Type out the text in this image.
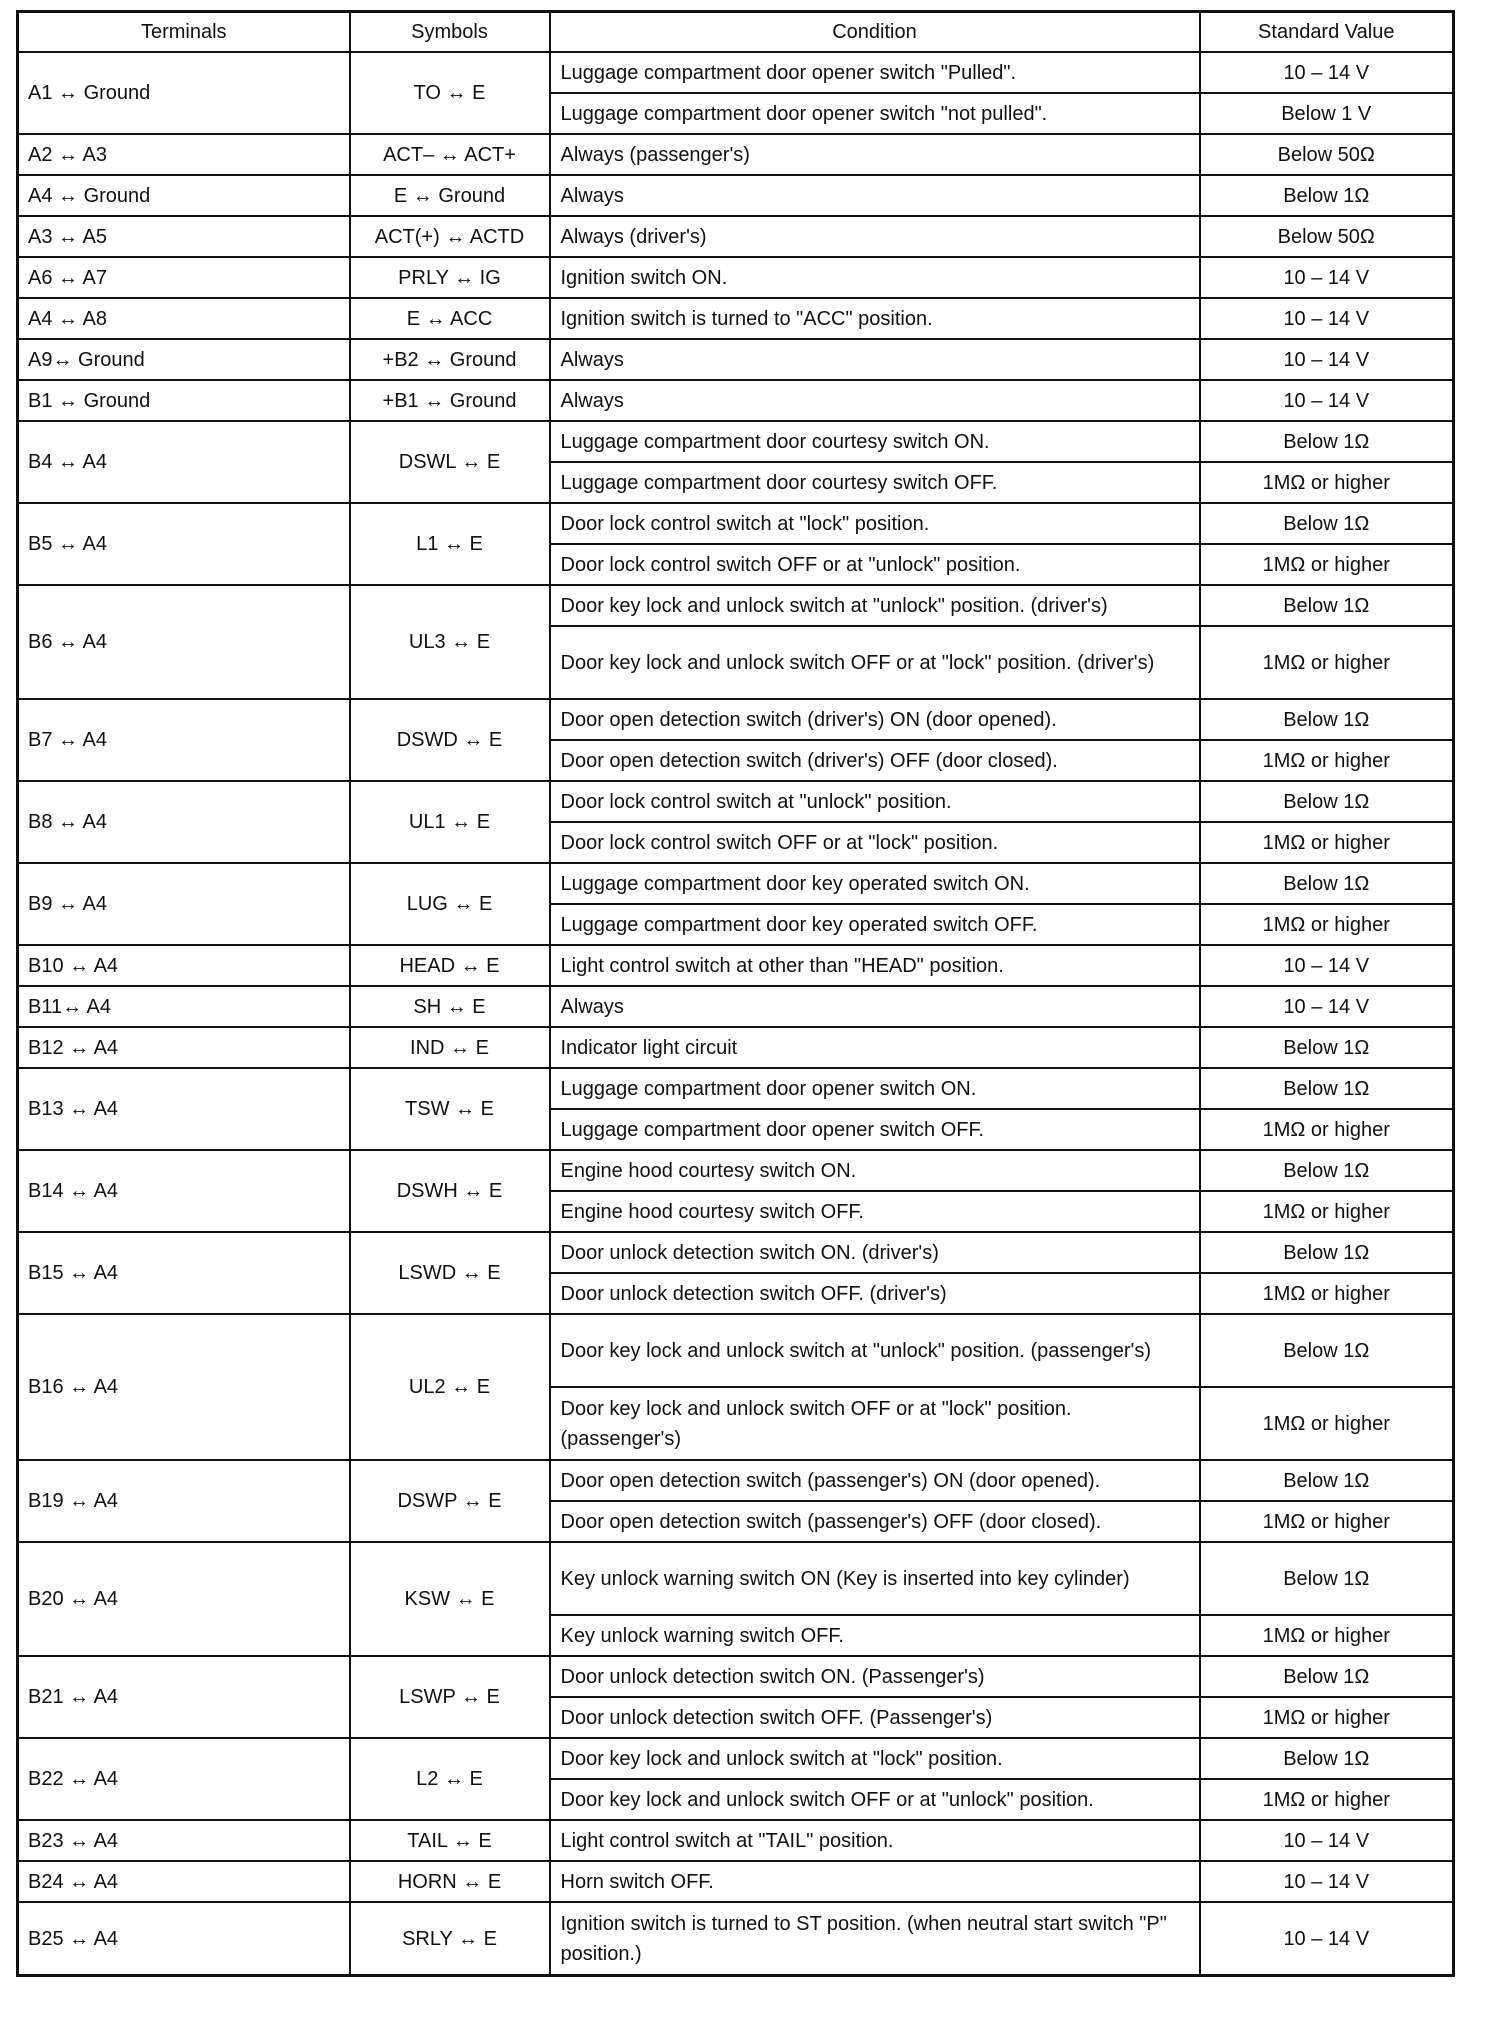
Terminals	Symbols	Condition	Standard Value
A1 ↔ Ground	TO ↔ E	Luggage compartment door opener switch "Pulled".	10 – 14 V
		Luggage compartment door opener switch "not pulled".	Below 1 V
A2 ↔ A3	ACT– ↔ ACT+	Always (passenger's)	Below 50Ω
A4 ↔ Ground	E ↔ Ground	Always	Below 1Ω
A3 ↔ A5	ACT(+) ↔ ACTD	Always (driver's)	Below 50Ω
A6 ↔ A7	PRLY ↔ IG	Ignition switch ON.	10 – 14 V
A4 ↔ A8	E ↔ ACC	Ignition switch is turned to "ACC" position.	10 – 14 V
A9↔ Ground	+B2 ↔ Ground	Always	10 – 14 V
B1 ↔ Ground	+B1 ↔ Ground	Always	10 – 14 V
B4 ↔ A4	DSWL ↔ E	Luggage compartment door courtesy switch ON.	Below 1Ω
		Luggage compartment door courtesy switch OFF.	1MΩ or higher
B5 ↔ A4	L1 ↔ E	Door lock control switch at "lock" position.	Below 1Ω
		Door lock control switch OFF or at "unlock" position.	1MΩ or higher
B6 ↔ A4	UL3 ↔ E	Door key lock and unlock switch at "unlock" position. (driver's)	Below 1Ω
		Door key lock and unlock switch OFF or at "lock" position. (driver's)	1MΩ or higher
B7 ↔ A4	DSWD ↔ E	Door open detection switch (driver's) ON (door opened).	Below 1Ω
		Door open detection switch (driver's) OFF (door closed).	1MΩ or higher
B8 ↔ A4	UL1 ↔ E	Door lock control switch at "unlock" position.	Below 1Ω
		Door lock control switch OFF or at "lock" position.	1MΩ or higher
B9 ↔ A4	LUG ↔ E	Luggage compartment door key operated switch ON.	Below 1Ω
		Luggage compartment door key operated switch OFF.	1MΩ or higher
B10 ↔ A4	HEAD ↔ E	Light control switch at other than "HEAD" position.	10 – 14 V
B11↔ A4	SH ↔ E	Always	10 – 14 V
B12 ↔ A4	IND ↔ E	Indicator light circuit	Below 1Ω
B13 ↔ A4	TSW ↔ E	Luggage compartment door opener switch ON.	Below 1Ω
		Luggage compartment door opener switch OFF.	1MΩ or higher
B14 ↔ A4	DSWH ↔ E	Engine hood courtesy switch ON.	Below 1Ω
		Engine hood courtesy switch OFF.	1MΩ or higher
B15 ↔ A4	LSWD ↔ E	Door unlock detection switch ON. (driver's)	Below 1Ω
		Door unlock detection switch OFF. (driver's)	1MΩ or higher
B16 ↔ A4	UL2 ↔ E	Door key lock and unlock switch at "unlock" position. (passenger's)	Below 1Ω
		Door key lock and unlock switch OFF or at "lock" position. (passenger's)	1MΩ or higher
B19 ↔ A4	DSWP ↔ E	Door open detection switch (passenger's) ON (door opened).	Below 1Ω
		Door open detection switch (passenger's) OFF (door closed).	1MΩ or higher
B20 ↔ A4	KSW ↔ E	Key unlock warning switch ON (Key is inserted into key cylinder)	Below 1Ω
		Key unlock warning switch OFF.	1MΩ or higher
B21 ↔ A4	LSWP ↔ E	Door unlock detection switch ON. (Passenger's)	Below 1Ω
		Door unlock detection switch OFF. (Passenger's)	1MΩ or higher
B22 ↔ A4	L2 ↔ E	Door key lock and unlock switch at "lock" position.	Below 1Ω
		Door key lock and unlock switch OFF or at "unlock" position.	1MΩ or higher
B23 ↔ A4	TAIL ↔ E	Light control switch at "TAIL" position.	10 – 14 V
B24 ↔ A4	HORN ↔ E	Horn switch OFF.	10 – 14 V
B25 ↔ A4	SRLY ↔ E	Ignition switch is turned to ST position. (when neutral start switch "P" position.)	10 – 14 V
